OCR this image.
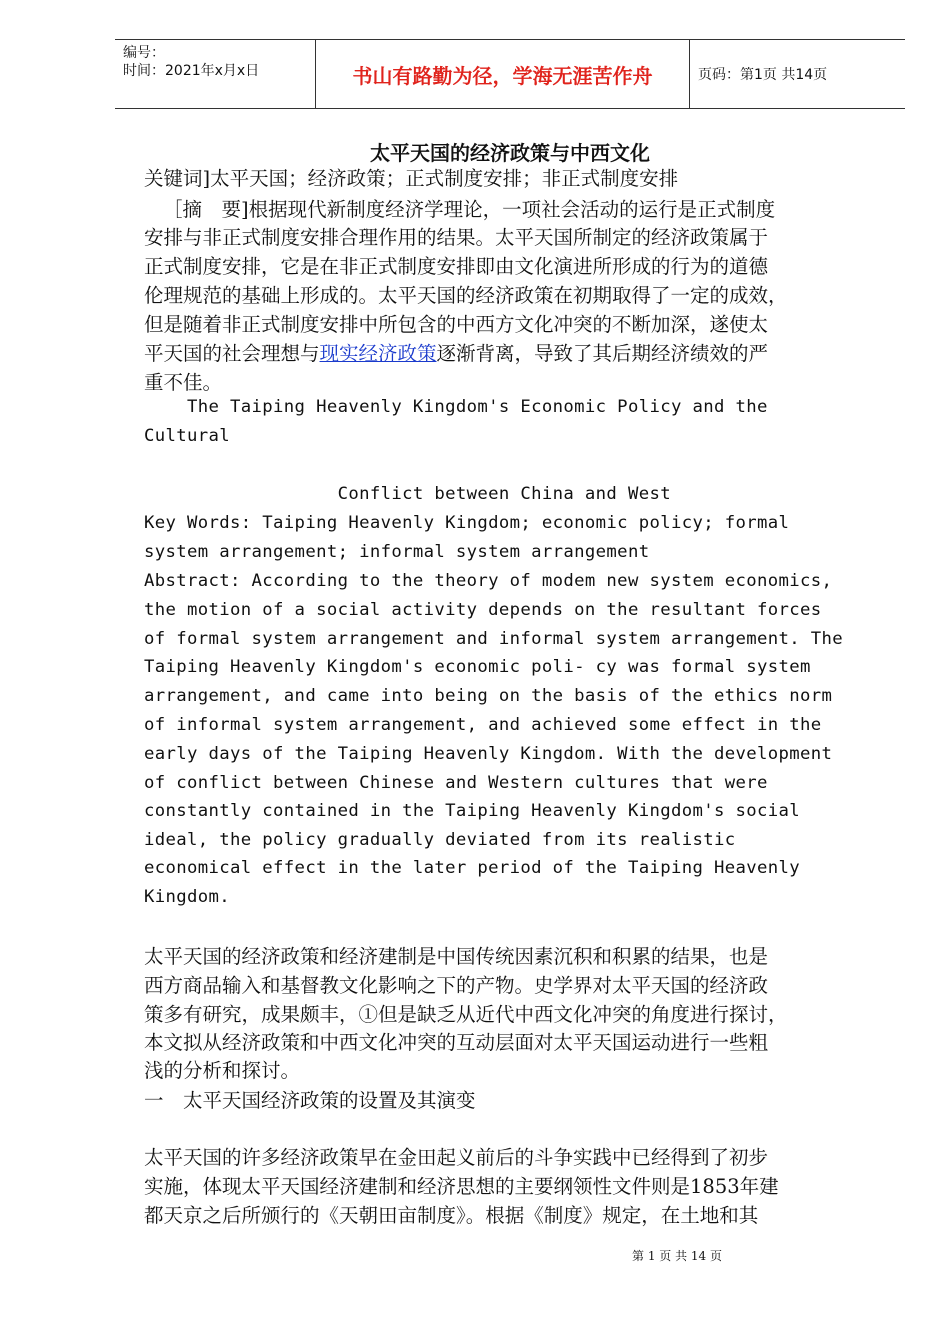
编号：
时间：2021年x月x日	书山有路勤为径，学海无涯苦作舟	页码：第1页 共14页
太平天国的经济政策与中西文化
关键词]太平天国；经济政策；正式制度安排；非正式制度安排
［摘　要]根据现代新制度经济学理论，一项社会活动的运行是正式制度
安排与非正式制度安排合理作用的结果。太平天国所制定的经济政策属于
正式制度安排，它是在非正式制度安排即由文化演进所形成的行为的道德
伦理规范的基础上形成的。太平天国的经济政策在初期取得了一定的成效，
但是随着非正式制度安排中所包含的中西方文化冲突的不断加深，遂使太
平天国的社会理想与现实经济政策逐渐背离，导致了其后期经济绩效的严
重不佳。
The Taiping Heavenly Kingdom's Economic Policy and the
Cultural
Conflict between China and West
Key Words: Taiping Heavenly Kingdom; economic policy; formal
system arrangement; informal system arrangement
Abstract: According to the theory of modem new system economics,
the motion of a social activity depends on the resultant forces
of formal system arrangement and informal system arrangement. The
Taiping Heavenly Kingdom's economic poli- cy was formal system
arrangement, and came into being on the basis of the ethics norm
of informal system arrangement, and achieved some effect in the
early days of the Taiping Heavenly Kingdom. With the development
of conflict between Chinese and Western cultures that were
constantly contained in the Taiping Heavenly Kingdom's social
ideal, the policy gradually deviated from its realistic
economical effect in the later period of the Taiping Heavenly
Kingdom.
太平天国的经济政策和经济建制是中国传统因素沉积和积累的结果，也是
西方商品输入和基督教文化影响之下的产物。史学界对太平天国的经济政
策多有研究，成果颇丰，①但是缺乏从近代中西文化冲突的角度进行探讨，
本文拟从经济政策和中西文化冲突的互动层面对太平天国运动进行一些粗
浅的分析和探讨。
一　太平天国经济政策的设置及其演变
太平天国的许多经济政策早在金田起义前后的斗争实践中已经得到了初步
实施，体现太平天国经济建制和经济思想的主要纲领性文件则是1853年建
都天京之后所颁行的《天朝田亩制度》。根据《制度》规定，在土地和其
第 1 页 共 14 页
